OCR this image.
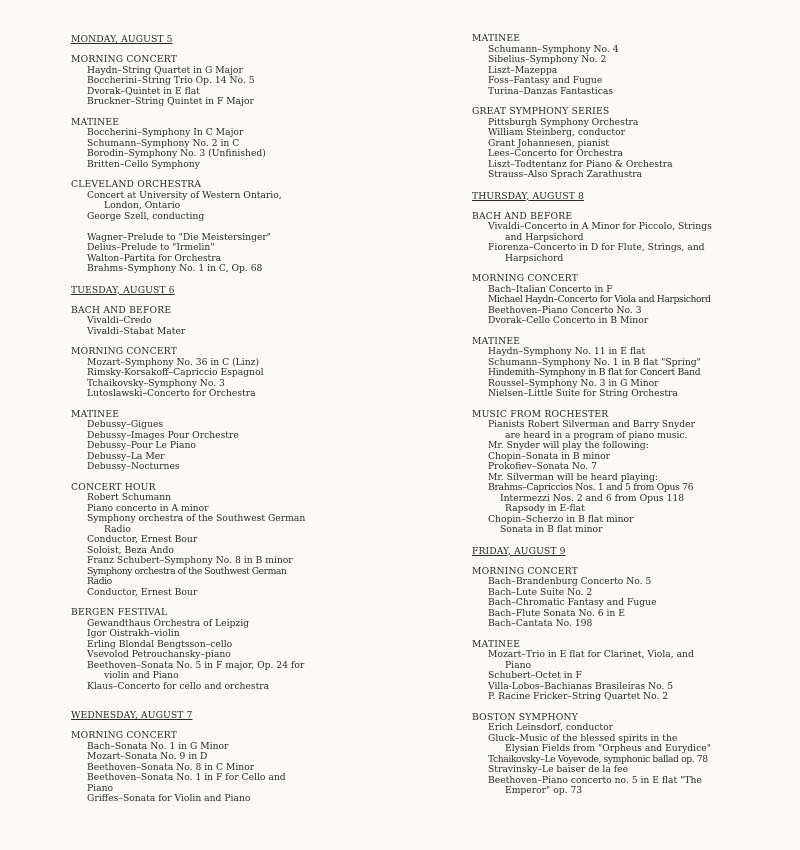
MONDAY, AUGUST 5
MORNING CONCERT
Haydn–String Quartet in G Major
Boccherini–String Trio Op. 14 No. 5
Dvorak–Quintet in E flat
Bruckner–String Quintet in F Major
MATINEE
Boccherini–Symphony In C Major
Schumann–Symphony No. 2 in C
Borodin–Symphony No. 3 (Unfinished)
Britten–Cello Symphony
CLEVELAND ORCHESTRA
Concert at University of Western Ontario, London, Ontario
George Szell, conducting
Wagner–Prelude to "Die Meistersinger"
Delius–Prelude to "Irmelin"
Walton–Partita for Orchestra
Brahms–Symphony No. 1 in C, Op. 68
TUESDAY, AUGUST 6
BACH AND BEFORE
Vivaldi–Credo
Vivaldi–Stabat Mater
MORNING CONCERT
Mozart–Symphony No. 36 in C (Linz)
Rimsky-Korsakoff–Capriccio Espagnol
Tchaikovsky–Symphony No. 3
Lutoslawski–Concerto for Orchestra
MATINEE
Debussy–Gigues
Debussy–Images Pour Orchestre
Debussy–Pour Le Piano
Debussy–La Mer
Debussy–Nocturnes
CONCERT HOUR
Robert Schumann
Piano concerto in A minor
Symphony orchestra of the Southwest German Radio
Conductor, Ernest Bour
Soloist, Beza Ando
Franz Schubert–Symphony No. 8 in B minor
Symphony orchestra of the Southwest German Radio
Conductor, Ernest Bour
BERGEN FESTIVAL
Gewandthaus Orchestra of Leipzig
Igor Oistrakh–violin
Erling Blondal Bengtsson–cello
Vsevolod Petrouchansky–piano
Beethoven–Sonata No. 5 in F major, Op. 24 for violin and Piano
Klaus–Concerto for cello and orchestra
WEDNESDAY, AUGUST 7
MORNING CONCERT
Bach–Sonata No. 1 in G Minor
Mozart–Sonata No. 9 in D
Beethoven–Sonata No. 8 in C Minor
Beethoven–Sonata No. 1 in F for Cello and Piano
Griffes–Sonata for Violin and Piano
MATINEE
Schumann–Symphony No. 4
Sibelius–Symphony No. 2
Liszt–Mazeppa
Foss–Fantasy and Fugue
Turina–Danzas Fantasticas
GREAT SYMPHONY SERIES
Pittsburgh Symphony Orchestra
William Steinberg, conductor
Grant Johannesen, pianist
Lees–Concerto for Orchestra
Liszt–Todtentanz for Piano & Orchestra
Strauss–Also Sprach Zarathustra
THURSDAY, AUGUST 8
BACH AND BEFORE
Vivaldi–Concerto in A Minor for Piccolo, Strings and Harpsichord
Fiorenza–Concerto in D for Flute, Strings, and Harpsichord
MORNING CONCERT
Bach–Italian Concerto in F
Michael Haydn–Concerto for Viola and Harpsichord
Beethoven–Piano Concerto No. 3
Dvorak–Cello Concerto in B Minor
MATINEE
Haydn–Symphony No. 11 in E flat
Schumann–Symphony No. 1 in B flat "Spring"
Hindemith–Symphony in B flat for Concert Band
Roussel–Symphony No. 3 in G Minor
Nielsen–Little Suite for String Orchestra
MUSIC FROM ROCHESTER
Pianists Robert Silverman and Barry Snyder are heard in a program of piano music.
Mr. Snyder will play the following:
Chopin–Sonata in B minor
Prokofiev–Sonata No. 7
Mr. Silverman will be heard playing:
Brahms–Capriccios Nos. 1 and 5 from Opus 76
Intermezzi Nos. 2 and 6 from Opus 118
Rapsody in E-flat
Chopin–Scherzo in B flat minor
Sonata in B flat minor
FRIDAY, AUGUST 9
MORNING CONCERT
Bach–Brandenburg Concerto No. 5
Bach–Lute Suite No. 2
Bach–Chromatic Fantasy and Fugue
Bach–Flute Sonata No. 6 in E
Bach–Cantata No. 198
MATINEE
Mozart–Trio in E flat for Clarinet, Viola, and Piano
Schubert–Octet in F
Villa-Lobos–Bachianas Brasileiras No. 5
P. Racine Fricker–String Quartet No. 2
BOSTON SYMPHONY
Erich Leinsdorf, conductor
Gluck–Music of the blessed spirits in the Elysian Fields from "Orpheus and Eurydice"
Tchaikovsky–Le Voyevode, symphonic ballad op. 78
Stravinsky–Le baiser de la fee
Beethoven–Piano concerto no. 5 in E flat "The Emperor" op. 73
